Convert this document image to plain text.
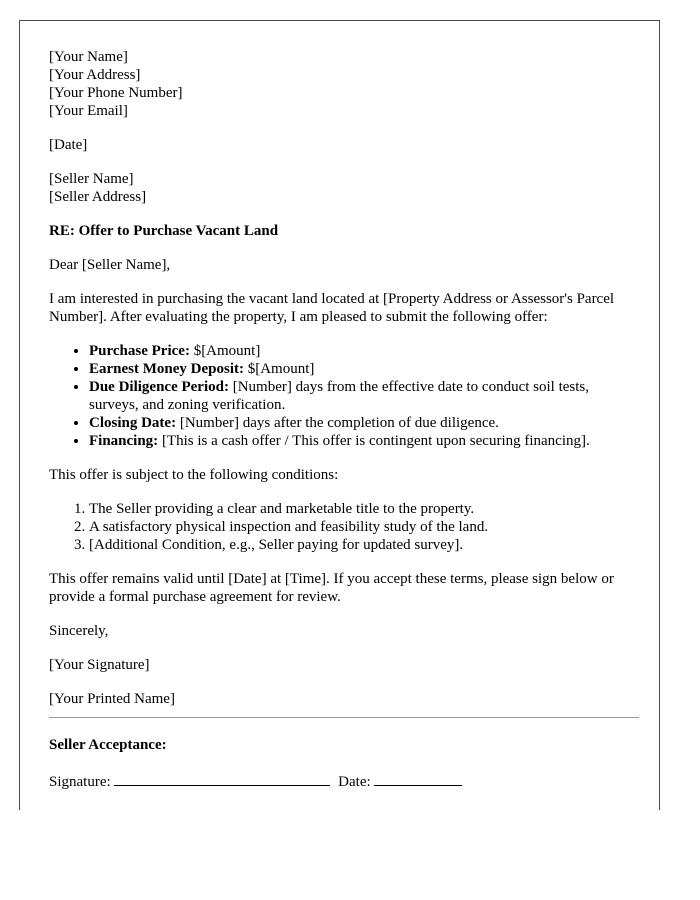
[Your Name]
[Your Address]
[Your Phone Number]
[Your Email]
[Date]
[Seller Name]
[Seller Address]
RE: Offer to Purchase Vacant Land
Dear [Seller Name],
I am interested in purchasing the vacant land located at [Property Address or Assessor's Parcel Number]. After evaluating the property, I am pleased to submit the following offer:
• Purchase Price: $[Amount]
• Earnest Money Deposit: $[Amount]
• Due Diligence Period: [Number] days from the effective date to conduct soil tests, surveys, and zoning verification.
• Closing Date: [Number] days after the completion of due diligence.
• Financing: [This is a cash offer / This offer is contingent upon securing financing].
This offer is subject to the following conditions:
1. The Seller providing a clear and marketable title to the property.
2. A satisfactory physical inspection and feasibility study of the land.
3. [Additional Condition, e.g., Seller paying for updated survey].
This offer remains valid until [Date] at [Time]. If you accept these terms, please sign below or provide a formal purchase agreement for review.
Sincerely,
[Your Signature]
[Your Printed Name]
Seller Acceptance:
Signature:	Date:
